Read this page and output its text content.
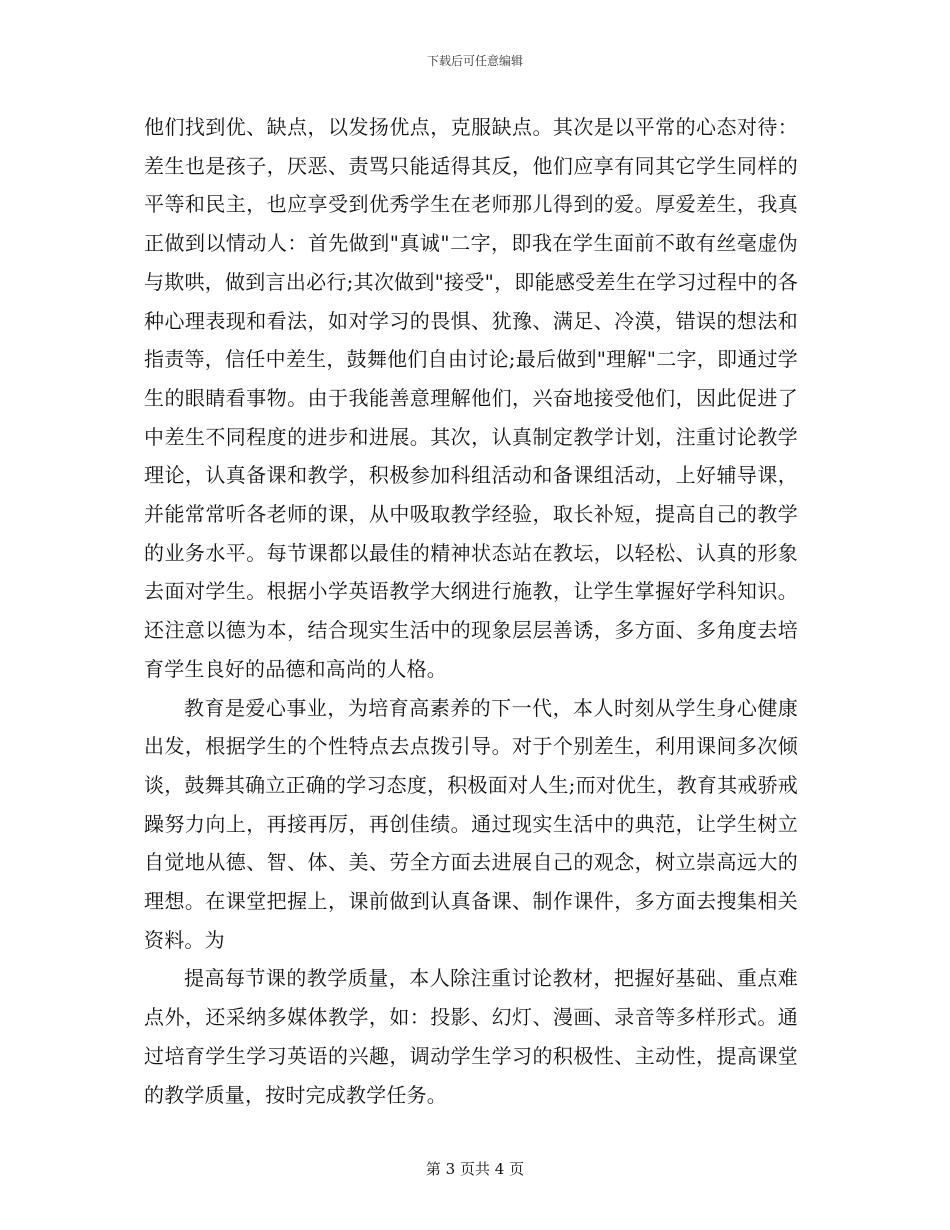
下载后可任意编辑

他们找到优、缺点，以发扬优点，克服缺点。其次是以平常的心态对待：差生也是孩子，厌恶、责骂只能适得其反，他们应享有同其它学生同样的平等和民主，也应享受到优秀学生在老师那儿得到的爱。厚爱差生，我真正做到以情动人：首先做到"真诚"二字，即我在学生面前不敢有丝毫虚伪与欺哄，做到言出必行;其次做到"接受"，即能感受差生在学习过程中的各种心理表现和看法，如对学习的畏惧、犹豫、满足、冷漠，错误的想法和指责等，信任中差生，鼓舞他们自由讨论;最后做到"理解"二字，即通过学生的眼睛看事物。由于我能善意理解他们，兴奋地接受他们，因此促进了中差生不同程度的进步和进展。其次，认真制定教学计划，注重讨论教学理论，认真备课和教学，积极参加科组活动和备课组活动，上好辅导课，并能常常听各老师的课，从中吸取教学经验，取长补短，提高自己的教学的业务水平。每节课都以最佳的精神状态站在教坛，以轻松、认真的形象去面对学生。根据小学英语教学大纲进行施教，让学生掌握好学科知识。还注意以德为本，结合现实生活中的现象层层善诱，多方面、多角度去培育学生良好的品德和高尚的人格。

教育是爱心事业，为培育高素养的下一代，本人时刻从学生身心健康出发，根据学生的个性特点去点拨引导。对于个别差生，利用课间多次倾谈，鼓舞其确立正确的学习态度，积极面对人生;而对优生，教育其戒骄戒躁努力向上，再接再厉，再创佳绩。通过现实生活中的典范，让学生树立自觉地从德、智、体、美、劳全方面去进展自己的观念，树立崇高远大的理想。在课堂把握上，课前做到认真备课、制作课件，多方面去搜集相关资料。为

提高每节课的教学质量，本人除注重讨论教材，把握好基础、重点难点外，还采纳多媒体教学，如：投影、幻灯、漫画、录音等多样形式。通过培育学生学习英语的兴趣，调动学生学习的积极性、主动性，提高课堂的教学质量，按时完成教学任务。

第 3 页共 4 页
